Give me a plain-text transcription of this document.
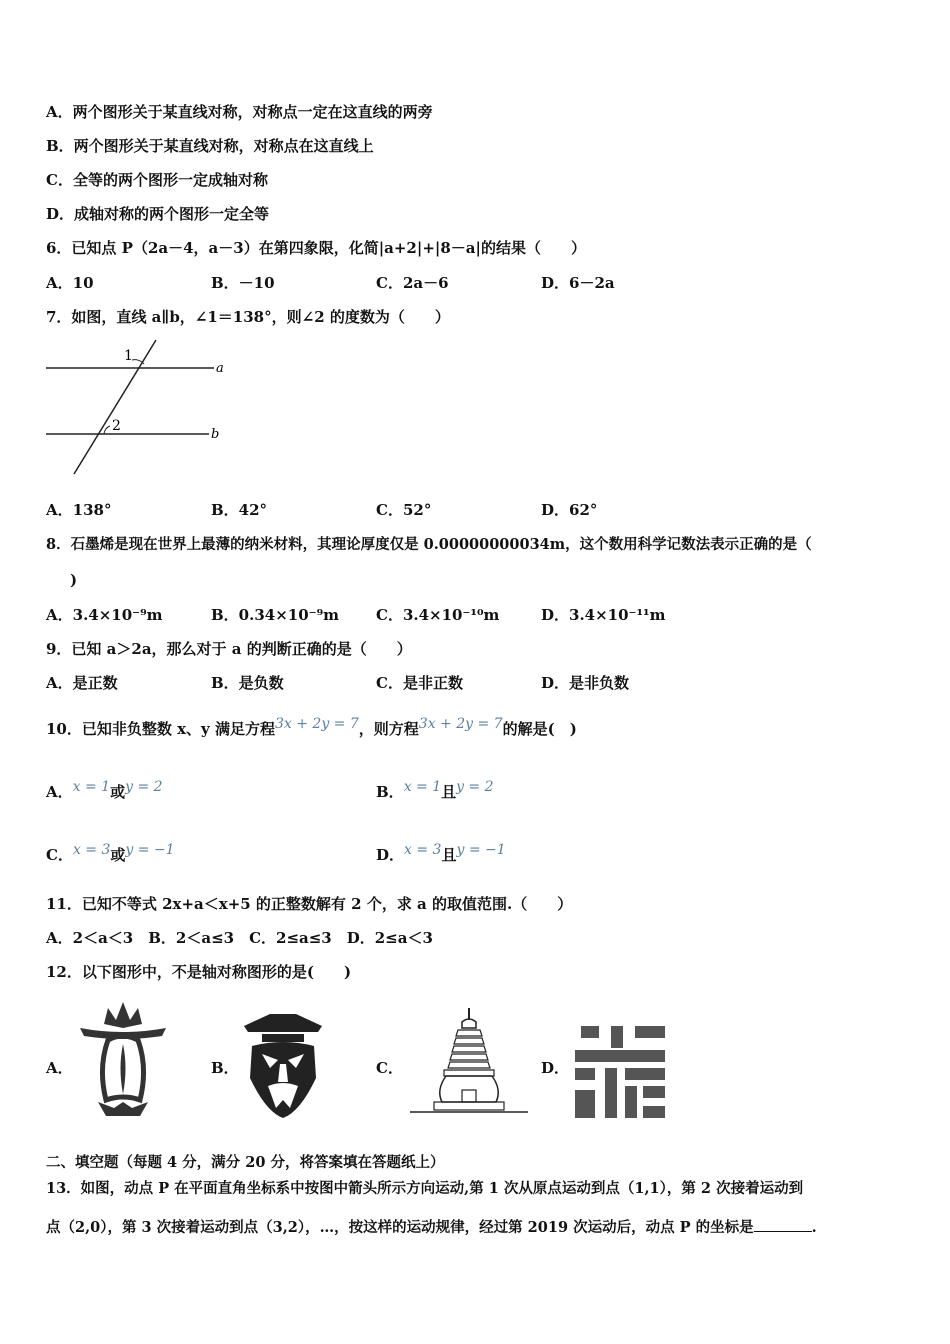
A．两个图形关于某直线对称，对称点一定在这直线的两旁
B．两个图形关于某直线对称，对称点在这直线上
C．全等的两个图形一定成轴对称
D．成轴对称的两个图形一定全等
6．已知点 P（2a－4，a－3）在第四象限，化简|a+2|+|8－a|的结果（　　）
A．10	B．－10	C．2a－6	D．6－2a
7．如图，直线 a∥b，∠1＝138°，则∠2 的度数为（　　）
1
2
a
b
A．138°	B．42°	C．52°	D．62°
8．石墨烯是现在世界上最薄的纳米材料，其理论厚度仅是 0.00000000034m，这个数用科学记数法表示正确的是（
)
A．3.4×10⁻⁹m	B．0.34×10⁻⁹m C．3.4×10⁻¹⁰m	D．3.4×10⁻¹¹m
9．已知 a＞2a，那么对于 a 的判断正确的是（　　）
A．是正数	B．是负数	C．是非正数	D．是非负数
10．已知非负整数 x、y 满足方程3x + 2y = 7，则方程3x + 2y = 7的解是(　)
A．x = 1或y = 2	B．x = 1且y = 2
C．x = 3或y = −1	D．x = 3且y = −1
11．已知不等式 2x+a＜x+5 的正整数解有 2 个，求 a 的取值范围.（　　）
A．2＜a＜3　B．2＜a≤3　C．2≤a≤3　D．2≤a＜3
12．以下图形中，不是轴对称图形的是(　　)
A．	B．	C．	D．
二、填空题（每题 4 分，满分 20 分，将答案填在答题纸上）
13．如图，动点 P 在平面直角坐标系中按图中箭头所示方向运动,第 1 次从原点运动到点（1,1），第 2 次接着运动到
点（2,0），第 3 次接着运动到点（3,2），…，按这样的运动规律，经过第 2019 次运动后，动点 P 的坐标是	.
